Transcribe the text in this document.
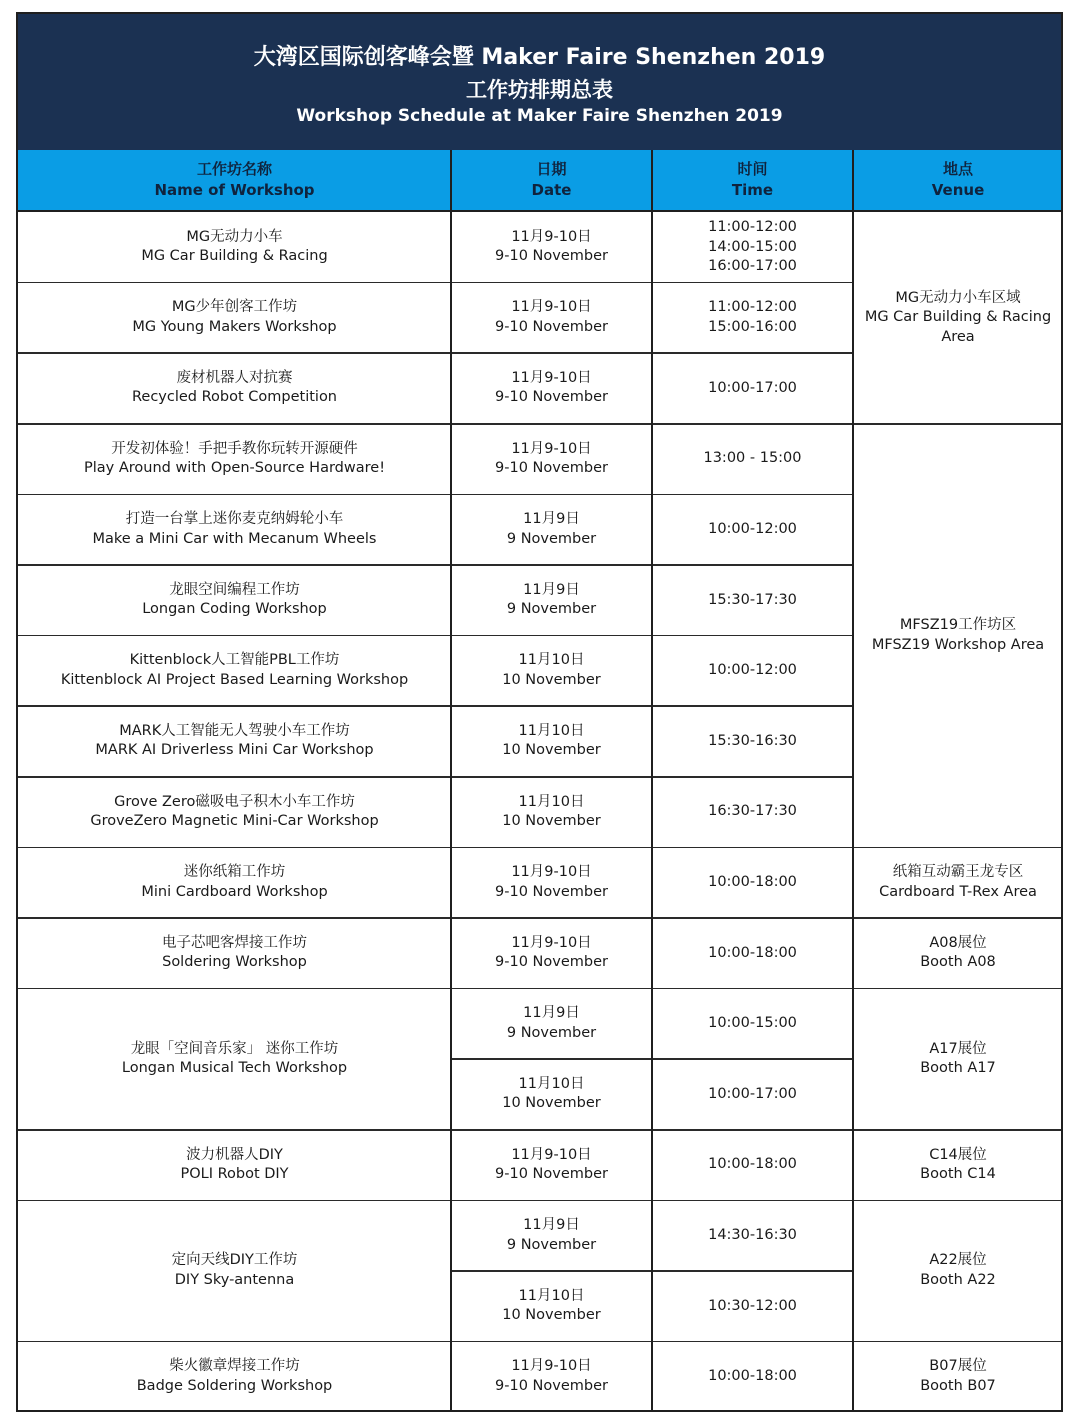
大湾区国际创客峰会暨 Maker Faire Shenzhen 2019
工作坊排期总表
Workshop Schedule at Maker Faire Shenzhen 2019
工作坊名称
Name of Workshop
日期
Date
时间
Time
地点
Venue
MG无动力小车
MG Car Building & Racing
MG少年创客工作坊
MG Young Makers Workshop
废材机器人对抗赛
Recycled Robot Competition
开发初体验！手把手教你玩转开源硬件
Play Around with Open-Source Hardware!
打造一台掌上迷你麦克纳姆轮小车
Make a Mini Car with Mecanum Wheels
龙眼空间编程工作坊
Longan Coding Workshop
Kittenblock人工智能PBL工作坊
Kittenblock AI Project Based Learning Workshop
MARK人工智能无人驾驶小车工作坊
MARK AI Driverless Mini Car Workshop
Grove Zero磁吸电子积木小车工作坊
GroveZero Magnetic Mini-Car Workshop
迷你纸箱工作坊
Mini Cardboard Workshop
电子芯吧客焊接工作坊
Soldering Workshop
龙眼「空间音乐家」 迷你工作坊
Longan Musical Tech Workshop
波力机器人DIY
POLI Robot DIY
定向天线DIY工作坊
DIY Sky-antenna
柴火徽章焊接工作坊
Badge Soldering Workshop
11月9-10日
9-10 November
11月9-10日
9-10 November
11月9-10日
9-10 November
11月9-10日
9-10 November
11月9日
9 November
11月9日
9 November
11月10日
10 November
11月10日
10 November
11月10日
10 November
11月9-10日
9-10 November
11月9-10日
9-10 November
11月9日
9 November
11月10日
10 November
11月9-10日
9-10 November
11月9日
9 November
11月10日
10 November
11月9-10日
9-10 November
11:00-12:00
14:00-15:00
16:00-17:00
11:00-12:00
15:00-16:00
10:00-17:00
13:00 - 15:00
10:00-12:00
15:30-17:30
10:00-12:00
15:30-16:30
16:30-17:30
10:00-18:00
10:00-18:00
10:00-15:00
10:00-17:00
10:00-18:00
14:30-16:30
10:30-12:00
10:00-18:00
MG无动力小车区域
MG Car Building & Racing Area
MFSZ19工作坊区
MFSZ19 Workshop Area
纸箱互动霸王龙专区
Cardboard T-Rex Area
A08展位
Booth A08
A17展位
Booth A17
C14展位
Booth C14
A22展位
Booth A22
B07展位
Booth B07
